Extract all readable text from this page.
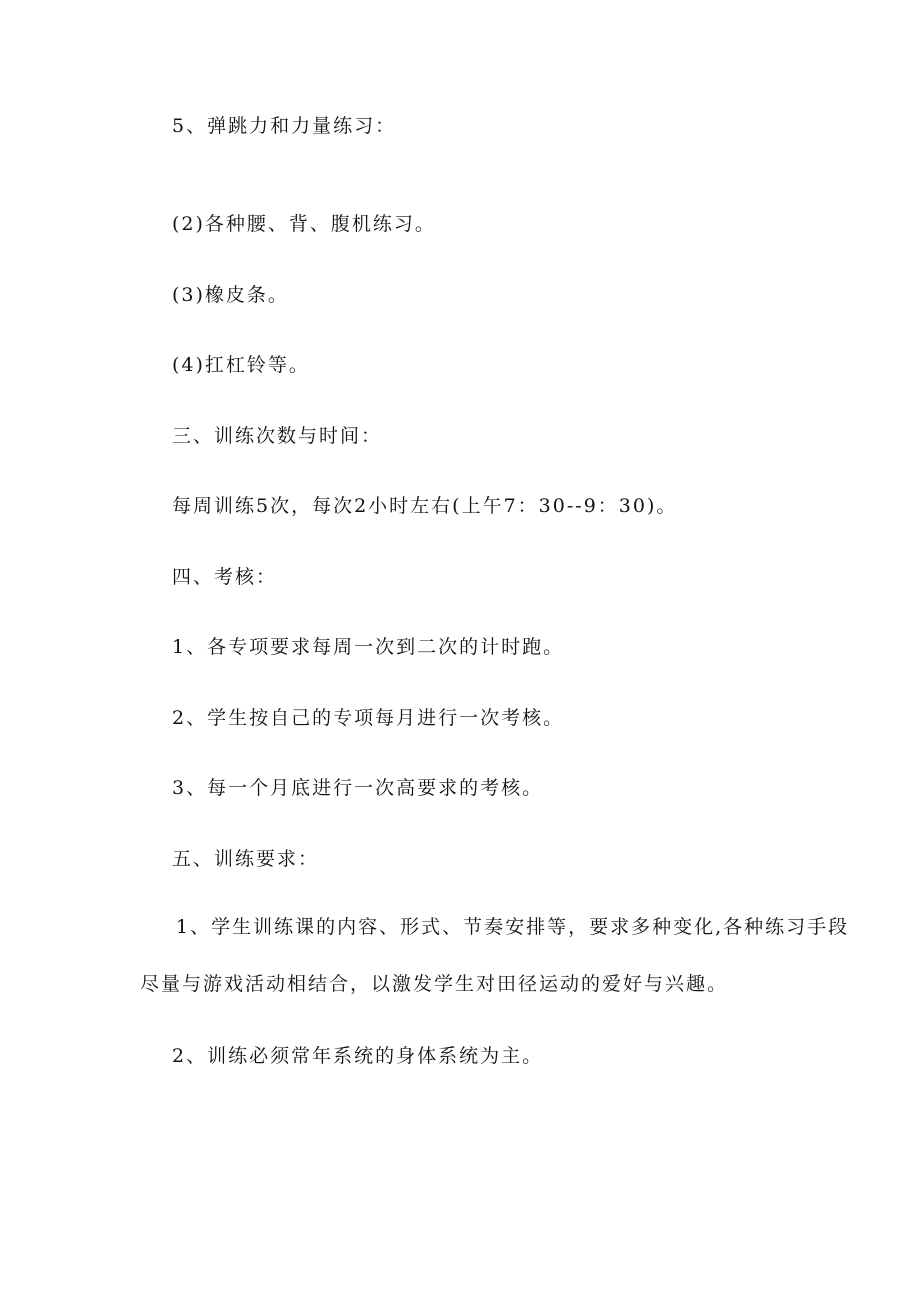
5、弹跳力和力量练习：
(2)各种腰、背、腹机练习。
(3)橡皮条。
(4)扛杠铃等。
三、训练次数与时间：
每周训练5次，每次2小时左右(上午7：30--9：30)。
四、考核：
1、各专项要求每周一次到二次的计时跑。
2、学生按自己的专项每月进行一次考核。
3、每一个月底进行一次高要求的考核。
五、训练要求：
1、学生训练课的内容、形式、节奏安排等，要求多种变化,各种练习手段
尽量与游戏活动相结合，以激发学生对田径运动的爱好与兴趣。
2、训练必须常年系统的身体系统为主。
